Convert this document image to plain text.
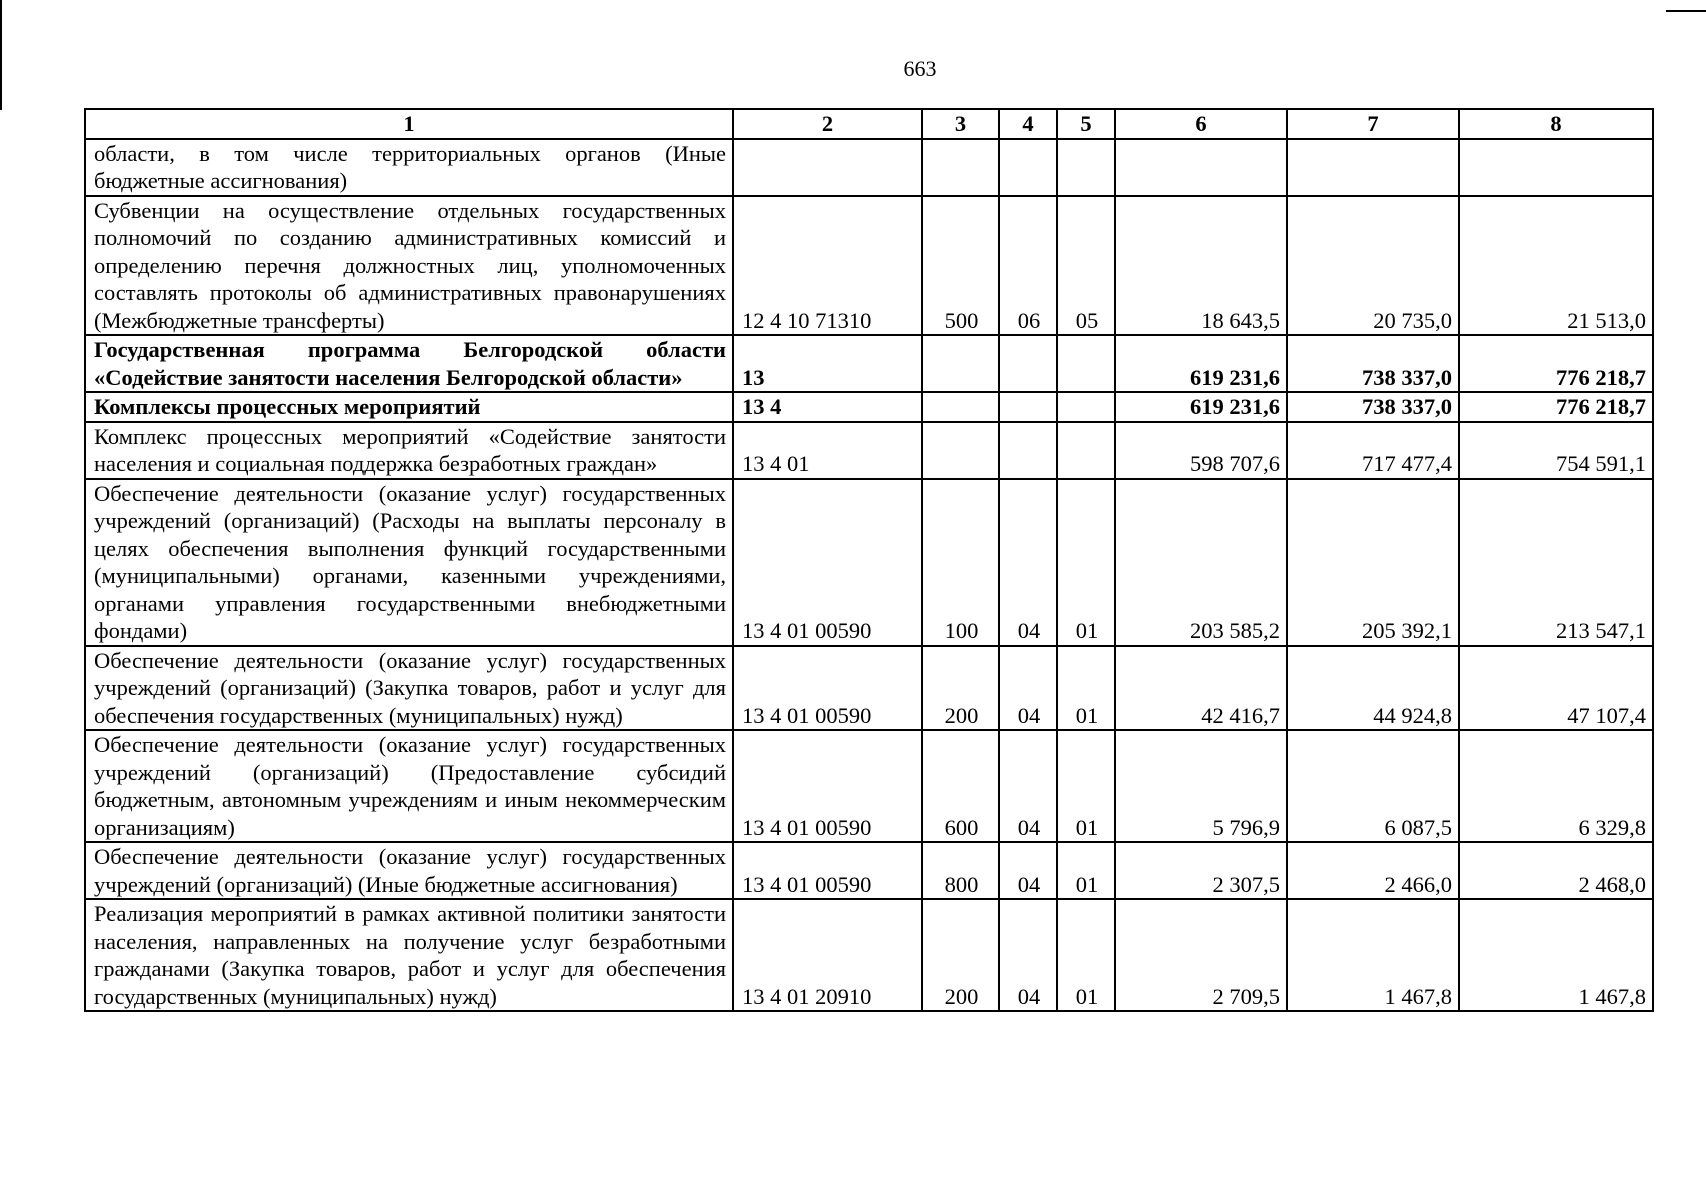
663
1	2	3	4	5	6	7	8
области, в том числе территориальных органов (Иные бюджетные ассигнования)							
Субвенции на осуществление отдельных государственных полномочий по созданию административных комиссий и определению перечня должностных лиц, уполномоченных составлять протоколы об административных правонарушениях (Межбюджетные трансферты)	12 4 10 71310	500	06	05	18 643,5	20 735,0	21 513,0
Государственная программа Белгородской области «Содействие занятости населения Белгородской области»	13				619 231,6	738 337,0	776 218,7
Комплексы процессных мероприятий	13 4				619 231,6	738 337,0	776 218,7
Комплекс процессных мероприятий «Содействие занятости населения и социальная поддержка безработных граждан»	13 4 01				598 707,6	717 477,4	754 591,1
Обеспечение деятельности (оказание услуг) государственных учреждений (организаций) (Расходы на выплаты персоналу в целях обеспечения выполнения функций государственными (муниципальными) органами, казенными учреждениями, органами управления государственными внебюджетными фондами)	13 4 01 00590	100	04	01	203 585,2	205 392,1	213 547,1
Обеспечение деятельности (оказание услуг) государственных учреждений (организаций) (Закупка товаров, работ и услуг для обеспечения государственных (муниципальных) нужд)	13 4 01 00590	200	04	01	42 416,7	44 924,8	47 107,4
Обеспечение деятельности (оказание услуг) государственных учреждений (организаций) (Предоставление субсидий бюджетным, автономным учреждениям и иным некоммерческим организациям)	13 4 01 00590	600	04	01	5 796,9	6 087,5	6 329,8
Обеспечение деятельности (оказание услуг) государственных учреждений (организаций) (Иные бюджетные ассигнования)	13 4 01 00590	800	04	01	2 307,5	2 466,0	2 468,0
Реализация мероприятий в рамках активной политики занятости населения, направленных на получение услуг безработными гражданами (Закупка товаров, работ и услуг для обеспечения государственных (муниципальных) нужд)	13 4 01 20910	200	04	01	2 709,5	1 467,8	1 467,8
